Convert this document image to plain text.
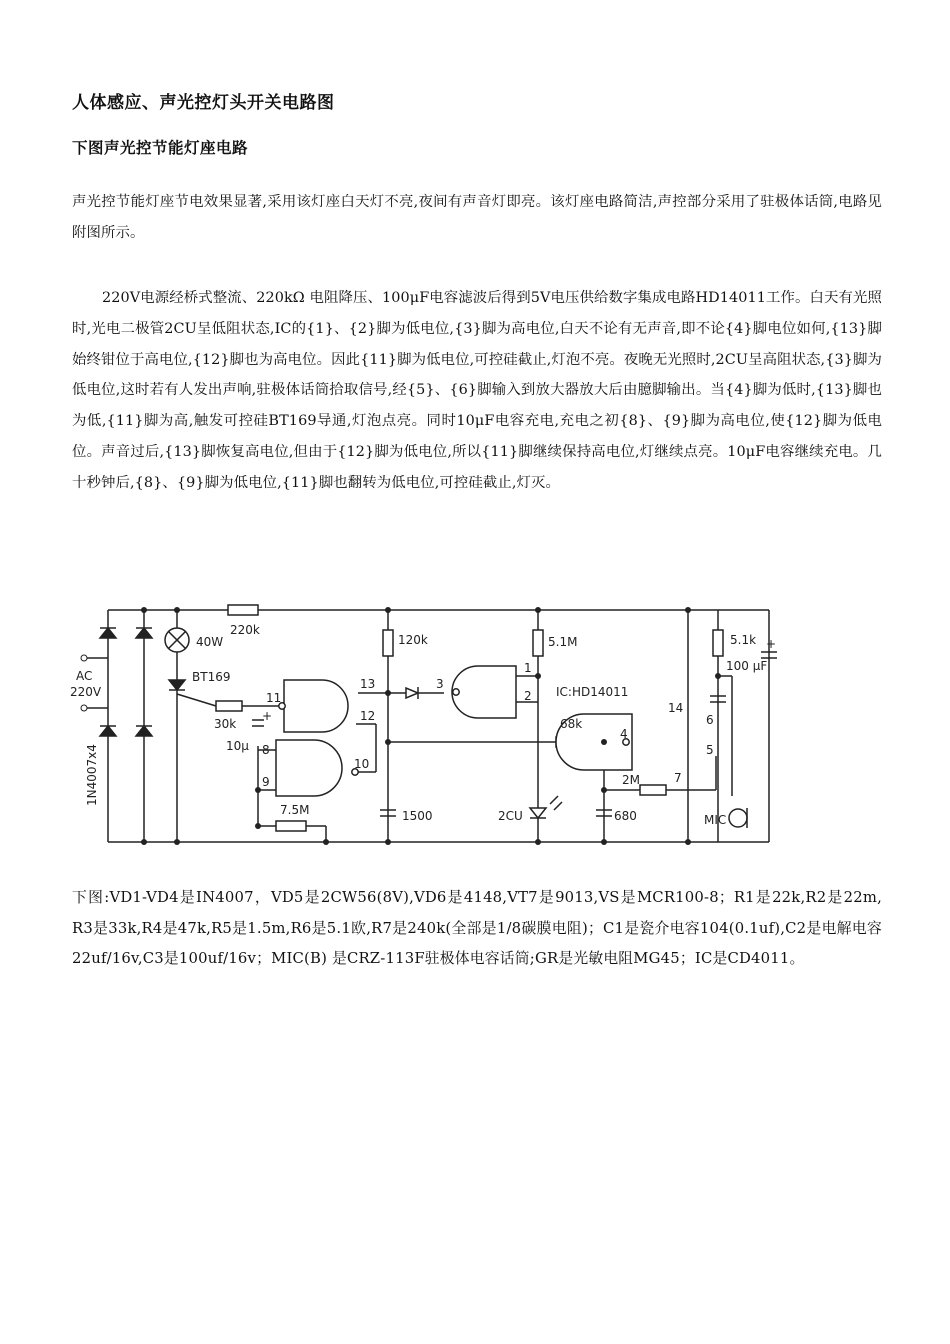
人体感应、声光控灯头开关电路图
下图声光控节能灯座电路

声光控节能灯座节电效果显著,采用该灯座白天灯不亮,夜间有声音灯即亮。该灯座电路简洁,声控部分采用了驻极体话筒,电路见附图所示。

220V电源经桥式整流、220kΩ 电阻降压、100μF电容滤波后得到5V电压供给数字集成电路HD14011工作。白天有光照时,光电二极管2CU呈低阻状态,IC的{1}、{2}脚为低电位,{3}脚为高电位,白天不论有无声音,即不论{4}脚电位如何,{13}脚始终钳位于高电位,{12}脚也为高电位。因此{11}脚为低电位,可控硅截止,灯泡不亮。夜晚无光照时,2CU呈高阻状态,{3}脚为低电位,这时若有人发出声响,驻极体话筒拾取信号,经{5}、{6}脚输入到放大器放大后由臆脚输出。当{4}脚为低时,{13}脚也为低,{11}脚为高,触发可控硅BT169导通,灯泡点亮。同时10μF电容充电,充电之初{8}、{9}脚为高电位,使{12}脚为低电位。声音过后,{13}脚恢复高电位,但由于{12}脚为低电位,所以{11}脚继续保持高电位,灯继续点亮。10μF电容继续充电。几十秒钟后,{8}、{9}脚为低电位,{11}脚也翻转为低电位,可控硅截止,灯灭。

AC
220V
1N4007x4
40W
BT169
220k
30k
10μ
+
7.5M
120k
1500
5.1M
IC:HD14011
68k
2CU	680
2M
5.1k
100 μF
+
MIC
11
13
12
8
9
10
3
1
2
4
14
6
5
7

下图:VD1-VD4是IN4007，VD5是2CW56(8V),VD6是4148,VT7是9013,VS是MCR100-8；R1是22k,R2是22m, R3是33k,R4是47k,R5是1.5m,R6是5.1欧,R7是240k(全部是1/8碳膜电阻)；C1是瓷介电容104(0.1uf),C2是电解电容22uf/16v,C3是100uf/16v；MIC(B) 是CRZ-113F驻极体电容话筒;GR是光敏电阻MG45；IC是CD4011。
